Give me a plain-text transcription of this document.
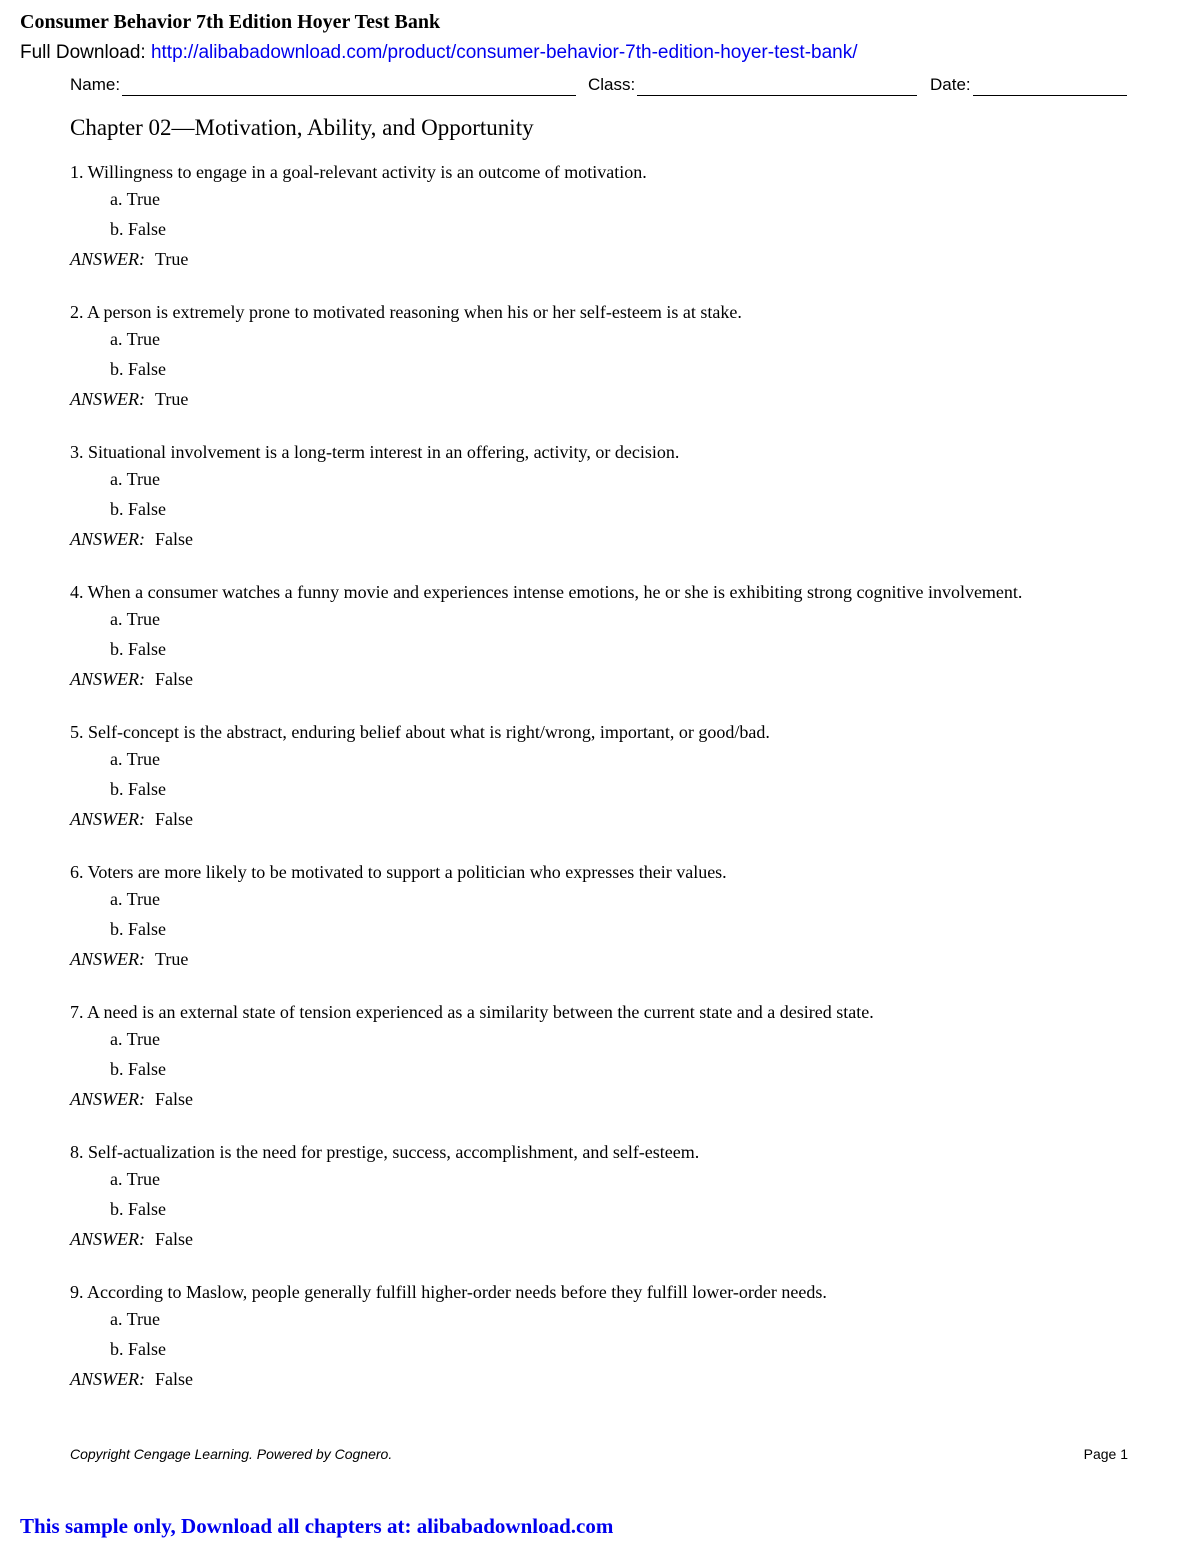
Consumer Behavior 7th Edition Hoyer Test Bank
Full Download: http://alibabadownload.com/product/consumer-behavior-7th-edition-hoyer-test-bank/
Name:	Class:	Date:
Chapter 02—Motivation, Ability, and Opportunity

1. Willingness to engage in a goal-relevant activity is an outcome of motivation.

a. True

b. False

ANSWER: True

2. A person is extremely prone to motivated reasoning when his or her self-esteem is at stake.

a. True

b. False

ANSWER: True

3. Situational involvement is a long-term interest in an offering, activity, or decision.

a. True

b. False

ANSWER: False

4. When a consumer watches a funny movie and experiences intense emotions, he or she is exhibiting strong cognitive involvement.

a. True

b. False

ANSWER: False

5. Self-concept is the abstract, enduring belief about what is right/wrong, important, or good/bad.

a. True

b. False

ANSWER: False

6. Voters are more likely to be motivated to support a politician who expresses their values.

a. True

b. False

ANSWER: True

7. A need is an external state of tension experienced as a similarity between the current state and a desired state.

a. True

b. False

ANSWER: False

8. Self-actualization is the need for prestige, success, accomplishment, and self-esteem.

a. True

b. False

ANSWER: False

9. According to Maslow, people generally fulfill higher-order needs before they fulfill lower-order needs.

a. True

b. False

ANSWER: False

Copyright Cengage Learning. Powered by Cognero.	Page 1
This sample only, Download all chapters at: alibabadownload.com
